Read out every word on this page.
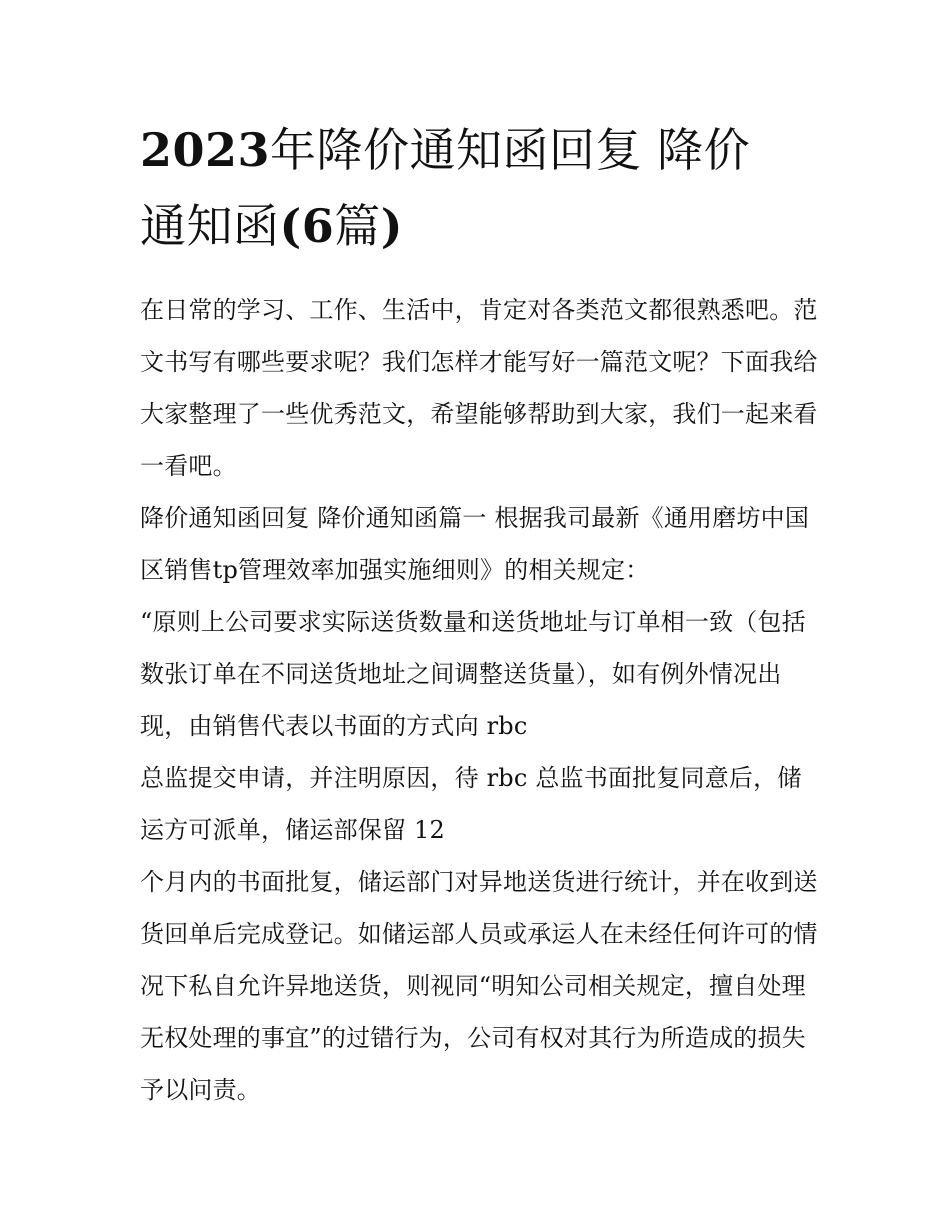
2023年降价通知函回复 降价
通知函(6篇)

在日常的学习、工作、生活中，肯定对各类范文都很熟悉吧。范文书写有哪些要求呢？我们怎样才能写好一篇范文呢？下面我给大家整理了一些优秀范文，希望能够帮助到大家，我们一起来看一看吧。

降价通知函回复 降价通知函篇一 根据我司最新《通用磨坊中国区销售tp管理效率加强实施细则》的相关规定：

“原则上公司要求实际送货数量和送货地址与订单相一致（包括数张订单在不同送货地址之间调整送货量），如有例外情况出现，由销售代表以书面的方式向 rbc

总监提交申请，并注明原因，待 rbc 总监书面批复同意后，储运方可派单，储运部保留 12

个月内的书面批复，储运部门对异地送货进行统计，并在收到送货回单后完成登记。如储运部人员或承运人在未经任何许可的情况下私自允许异地送货，则视同“明知公司相关规定，擅自处理无权处理的事宜”的过错行为，公司有权对其行为所造成的损失予以问责。
